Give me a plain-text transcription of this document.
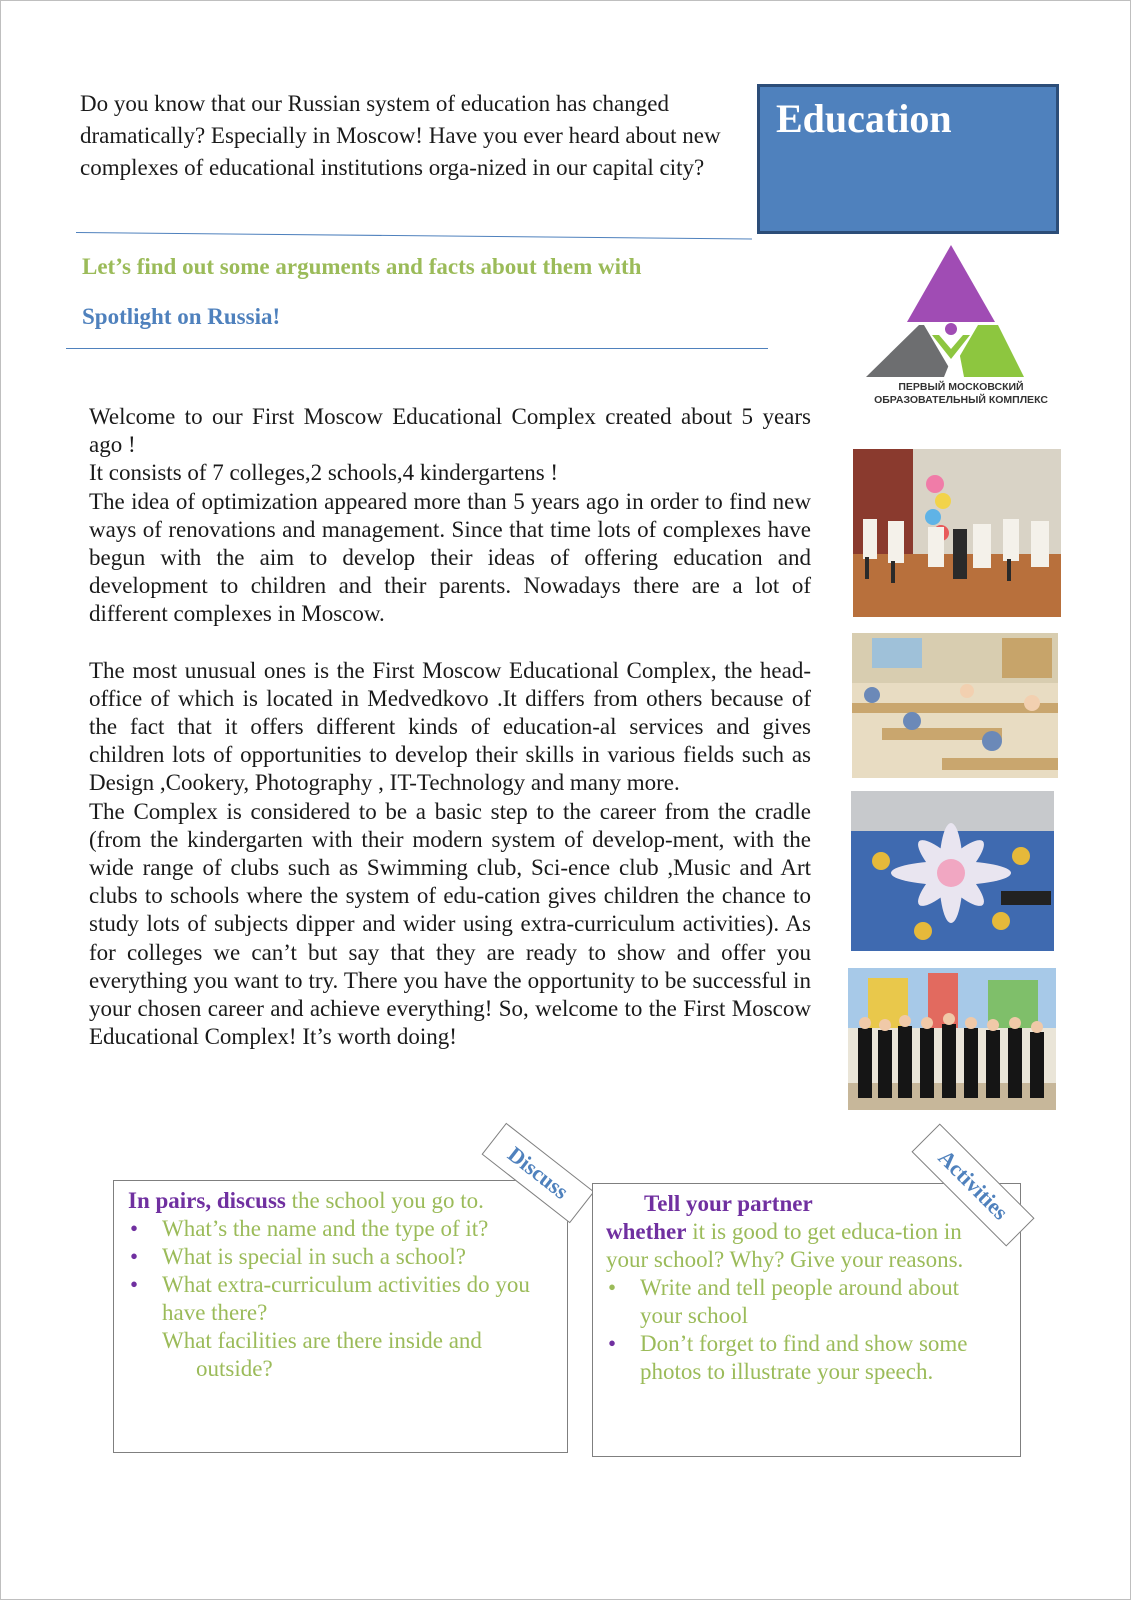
Do you know that our Russian system of education has changed dramatically? Especially in Moscow! Have you ever heard about new complexes of educational institutions orga-nized in our capital city?
Education
Let’s find out some arguments and facts about them with
Spotlight on Russia!
ПЕРВЫЙ МОСКОВСКИЙ
ОБРАЗОВАТЕЛЬНЫЙ КОМПЛЕКС

Welcome to our First Moscow Educational Complex created about 5 years ago !

It consists of 7 colleges,2 schools,4 kindergartens !

The idea of optimization appeared more than 5 years ago in order to find new ways of renovations and management. Since that time lots of complexes have begun with the aim to develop their ideas of offering education and development to children and their parents. Nowadays there are a lot of different complexes in Moscow.

The most unusual ones is the First Moscow Educational Complex, the head-office of which is located in Medvedkovo .It differs from others because of the fact that it offers different kinds of education-al services and gives children lots of opportunities to develop their skills in various fields such as Design ,Cookery, Photography , IT-Technology and many more.

The Complex is considered to be a basic step to the career from the cradle (from the kindergarten with their modern system of develop-ment, with the wide range of clubs such as Swimming club, Sci-ence club ,Music and Art clubs to schools where the system of edu-cation gives children the chance to study lots of subjects dipper and wider using extra-curriculum activities). As for colleges we can’t but say that they are ready to show and offer you everything you want to try. There you have the opportunity to be successful in your chosen career and achieve everything! So, welcome to the First Moscow Educational Complex! It’s worth doing!

In pairs, discuss the school you go to.
• What’s the name and the type of it?
• What is special in such a school?
• What extra-curriculum activities do you have there?
What facilities are there inside and
outside?
Discuss	Tell your partner
whether it is good to get educa-tion in your school? Why? Give your reasons.
• Write and tell people around about your school
• Don’t forget to find and show some photos to illustrate your speech.
Activities
